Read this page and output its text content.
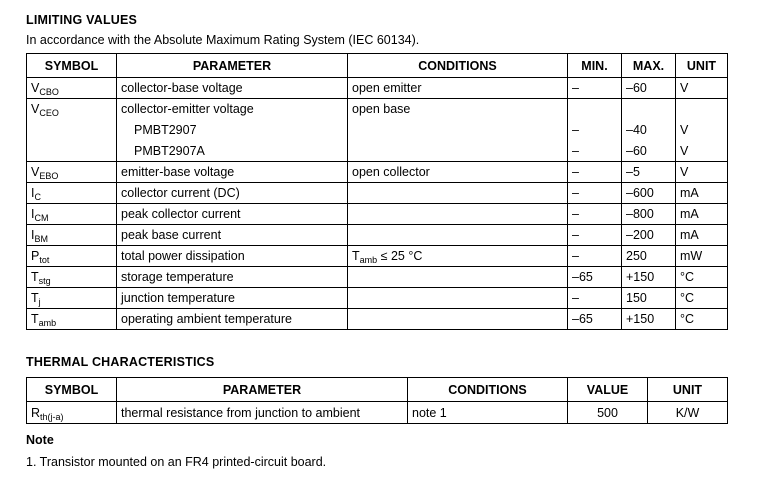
LIMITING VALUES
In accordance with the Absolute Maximum Rating System (IEC 60134).
SYMBOL	PARAMETER	CONDITIONS	MIN.	MAX.	UNIT
$V_{CBO}$	collector-base voltage	open emitter	–	–60	V
$V_{CEO}$	collector-emitter voltage	open base			
	PMBT2907		–	–40	V
	PMBT2907A		–	–60	V
$V_{EBO}$	emitter-base voltage	open collector	–	–5	V
$I_C$	collector current (DC)		–	–600	mA
$I_{CM}$	peak collector current		–	–800	mA
$I_{BM}$	peak base current		–	–200	mA
$P_{tot}$	total power dissipation	$T_{amb} \le 25$ °C	–	250	mW
$T_{stg}$	storage temperature		–65	+150	°C
$T_j$	junction temperature		–	150	°C
$T_{amb}$	operating ambient temperature		–65	+150	°C
THERMAL CHARACTERISTICS
SYMBOL	PARAMETER	CONDITIONS	VALUE	UNIT
$R_{th(j-a)}$	thermal resistance from junction to ambient	note 1	500	K/W
Note
1. Transistor mounted on an FR4 printed-circuit board.
